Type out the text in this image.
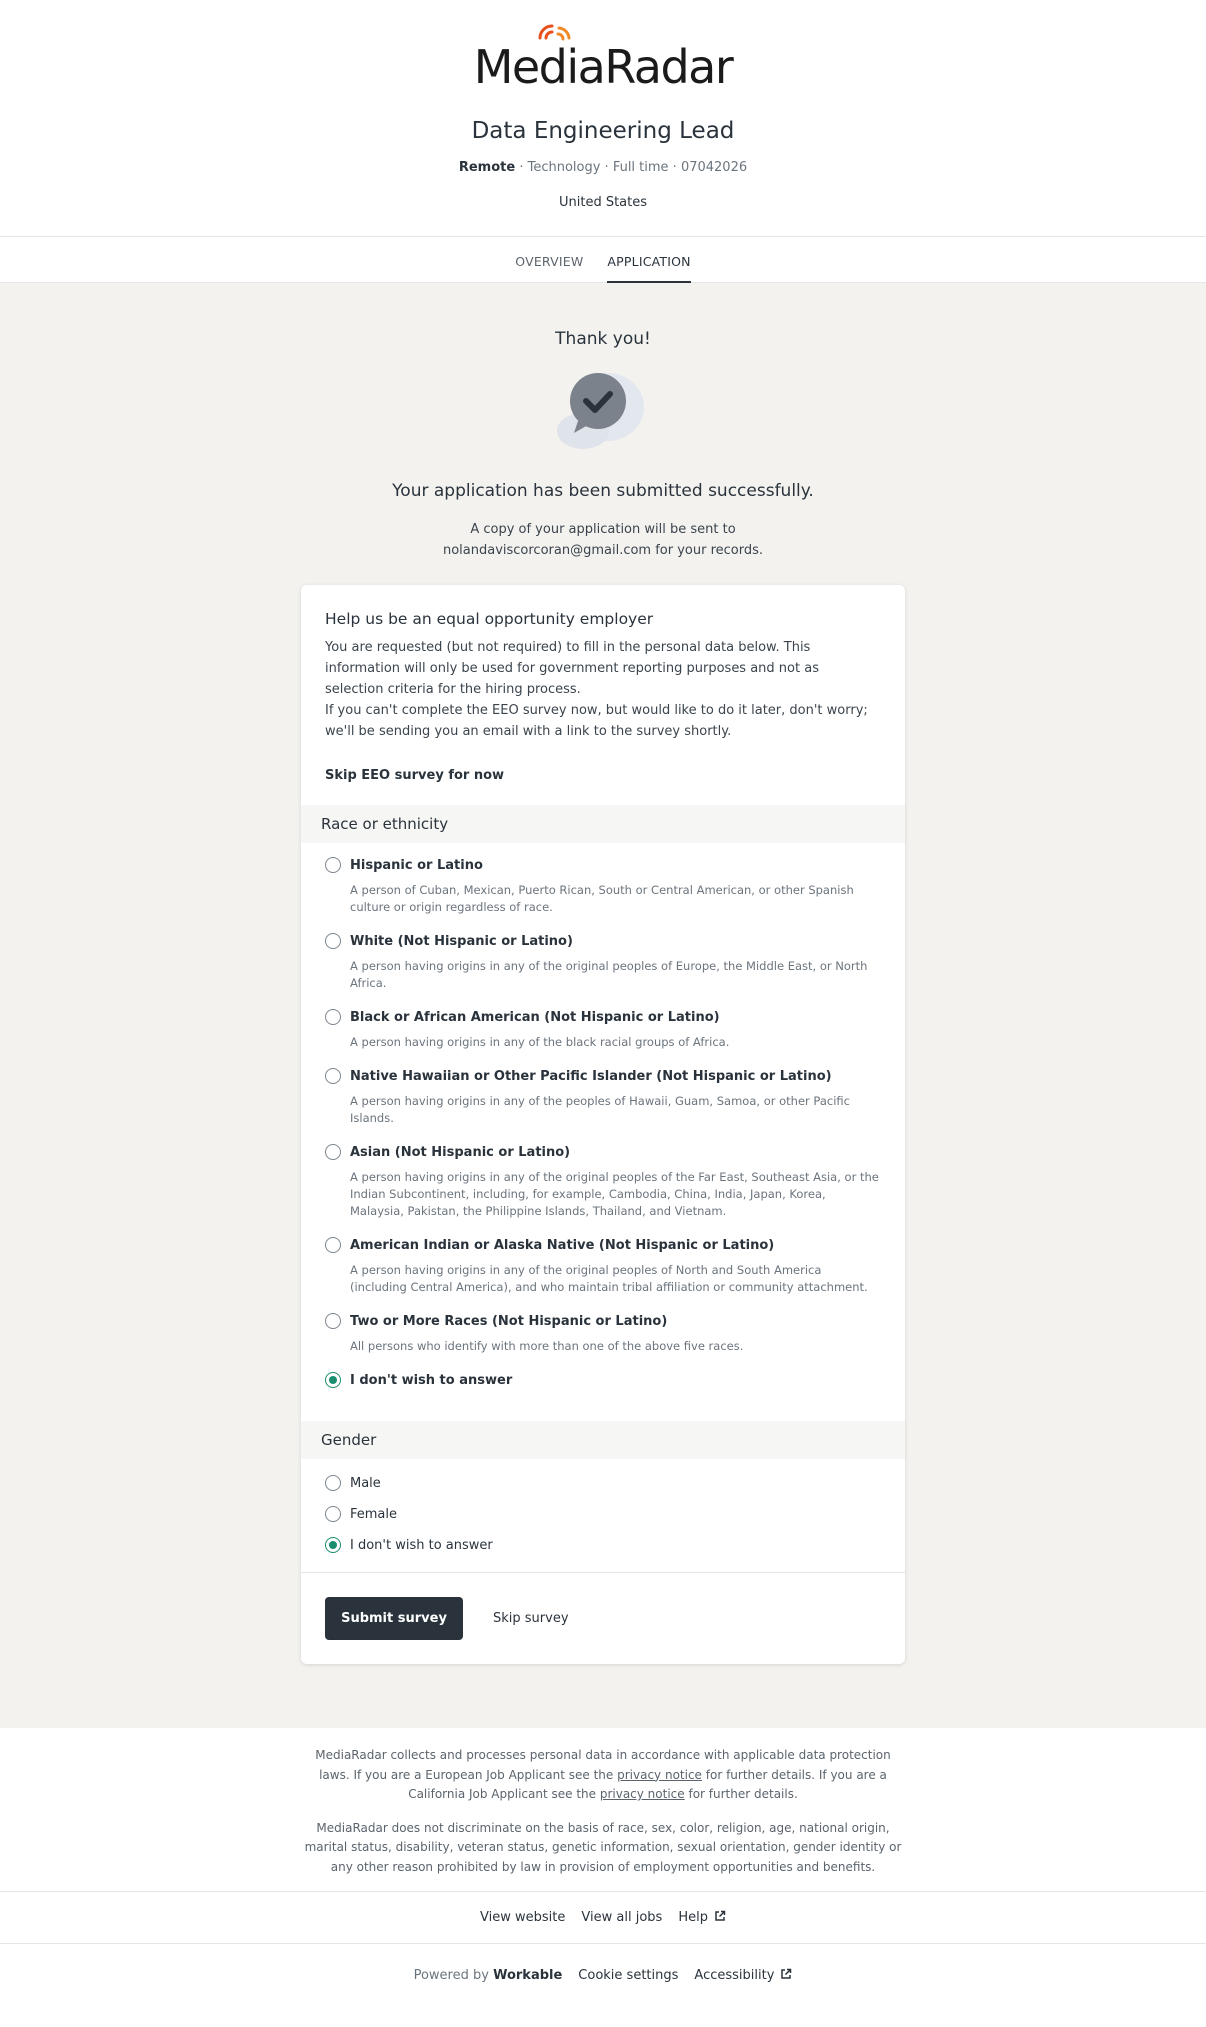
MediaRadar
Data Engineering Lead
Remote · Technology · Full time · 07042026
United States
OVERVIEW APPLICATION
Thank you!
Your application has been submitted successfully.
A copy of your application will be sent to
nolandaviscorcoran@gmail.com for your records.
Help us be an equal opportunity employer

You are requested (but not required) to fill in the personal data below. This information will only be used for government reporting purposes and not as selection criteria for the hiring process.

If you can't complete the EEO survey now, but would like to do it later, don't worry; we'll be sending you an email with a link to the survey shortly.

Skip EEO survey for now
Race or ethnicity
Hispanic or Latino
A person of Cuban, Mexican, Puerto Rican, South or Central American, or other Spanish culture or origin regardless of race.
White (Not Hispanic or Latino)
A person having origins in any of the original peoples of Europe, the Middle East, or North Africa.
Black or African American (Not Hispanic or Latino)
A person having origins in any of the black racial groups of Africa.
Native Hawaiian or Other Pacific Islander (Not Hispanic or Latino)
A person having origins in any of the peoples of Hawaii, Guam, Samoa, or other Pacific Islands.
Asian (Not Hispanic or Latino)
A person having origins in any of the original peoples of the Far East, Southeast Asia, or the Indian Subcontinent, including, for example, Cambodia, China, India, Japan, Korea, Malaysia, Pakistan, the Philippine Islands, Thailand, and Vietnam.
American Indian or Alaska Native (Not Hispanic or Latino)
A person having origins in any of the original peoples of North and South America (including Central America), and who maintain tribal affiliation or community attachment.
Two or More Races (Not Hispanic or Latino)
All persons who identify with more than one of the above five races.
I don't wish to answer
Gender
Male
Female
I don't wish to answer
Submit survey	Skip survey

MediaRadar collects and processes personal data in accordance with applicable data protection laws. If you are a European Job Applicant see the privacy notice for further details. If you are a California Job Applicant see the privacy notice for further details.

MediaRadar does not discriminate on the basis of race, sex, color, religion, age, national origin, marital status, disability, veteran status, genetic information, sexual orientation, gender identity or any other reason prohibited by law in provision of employment opportunities and benefits.

View website View all jobs Help
Powered by Workable Cookie settings Accessibility
